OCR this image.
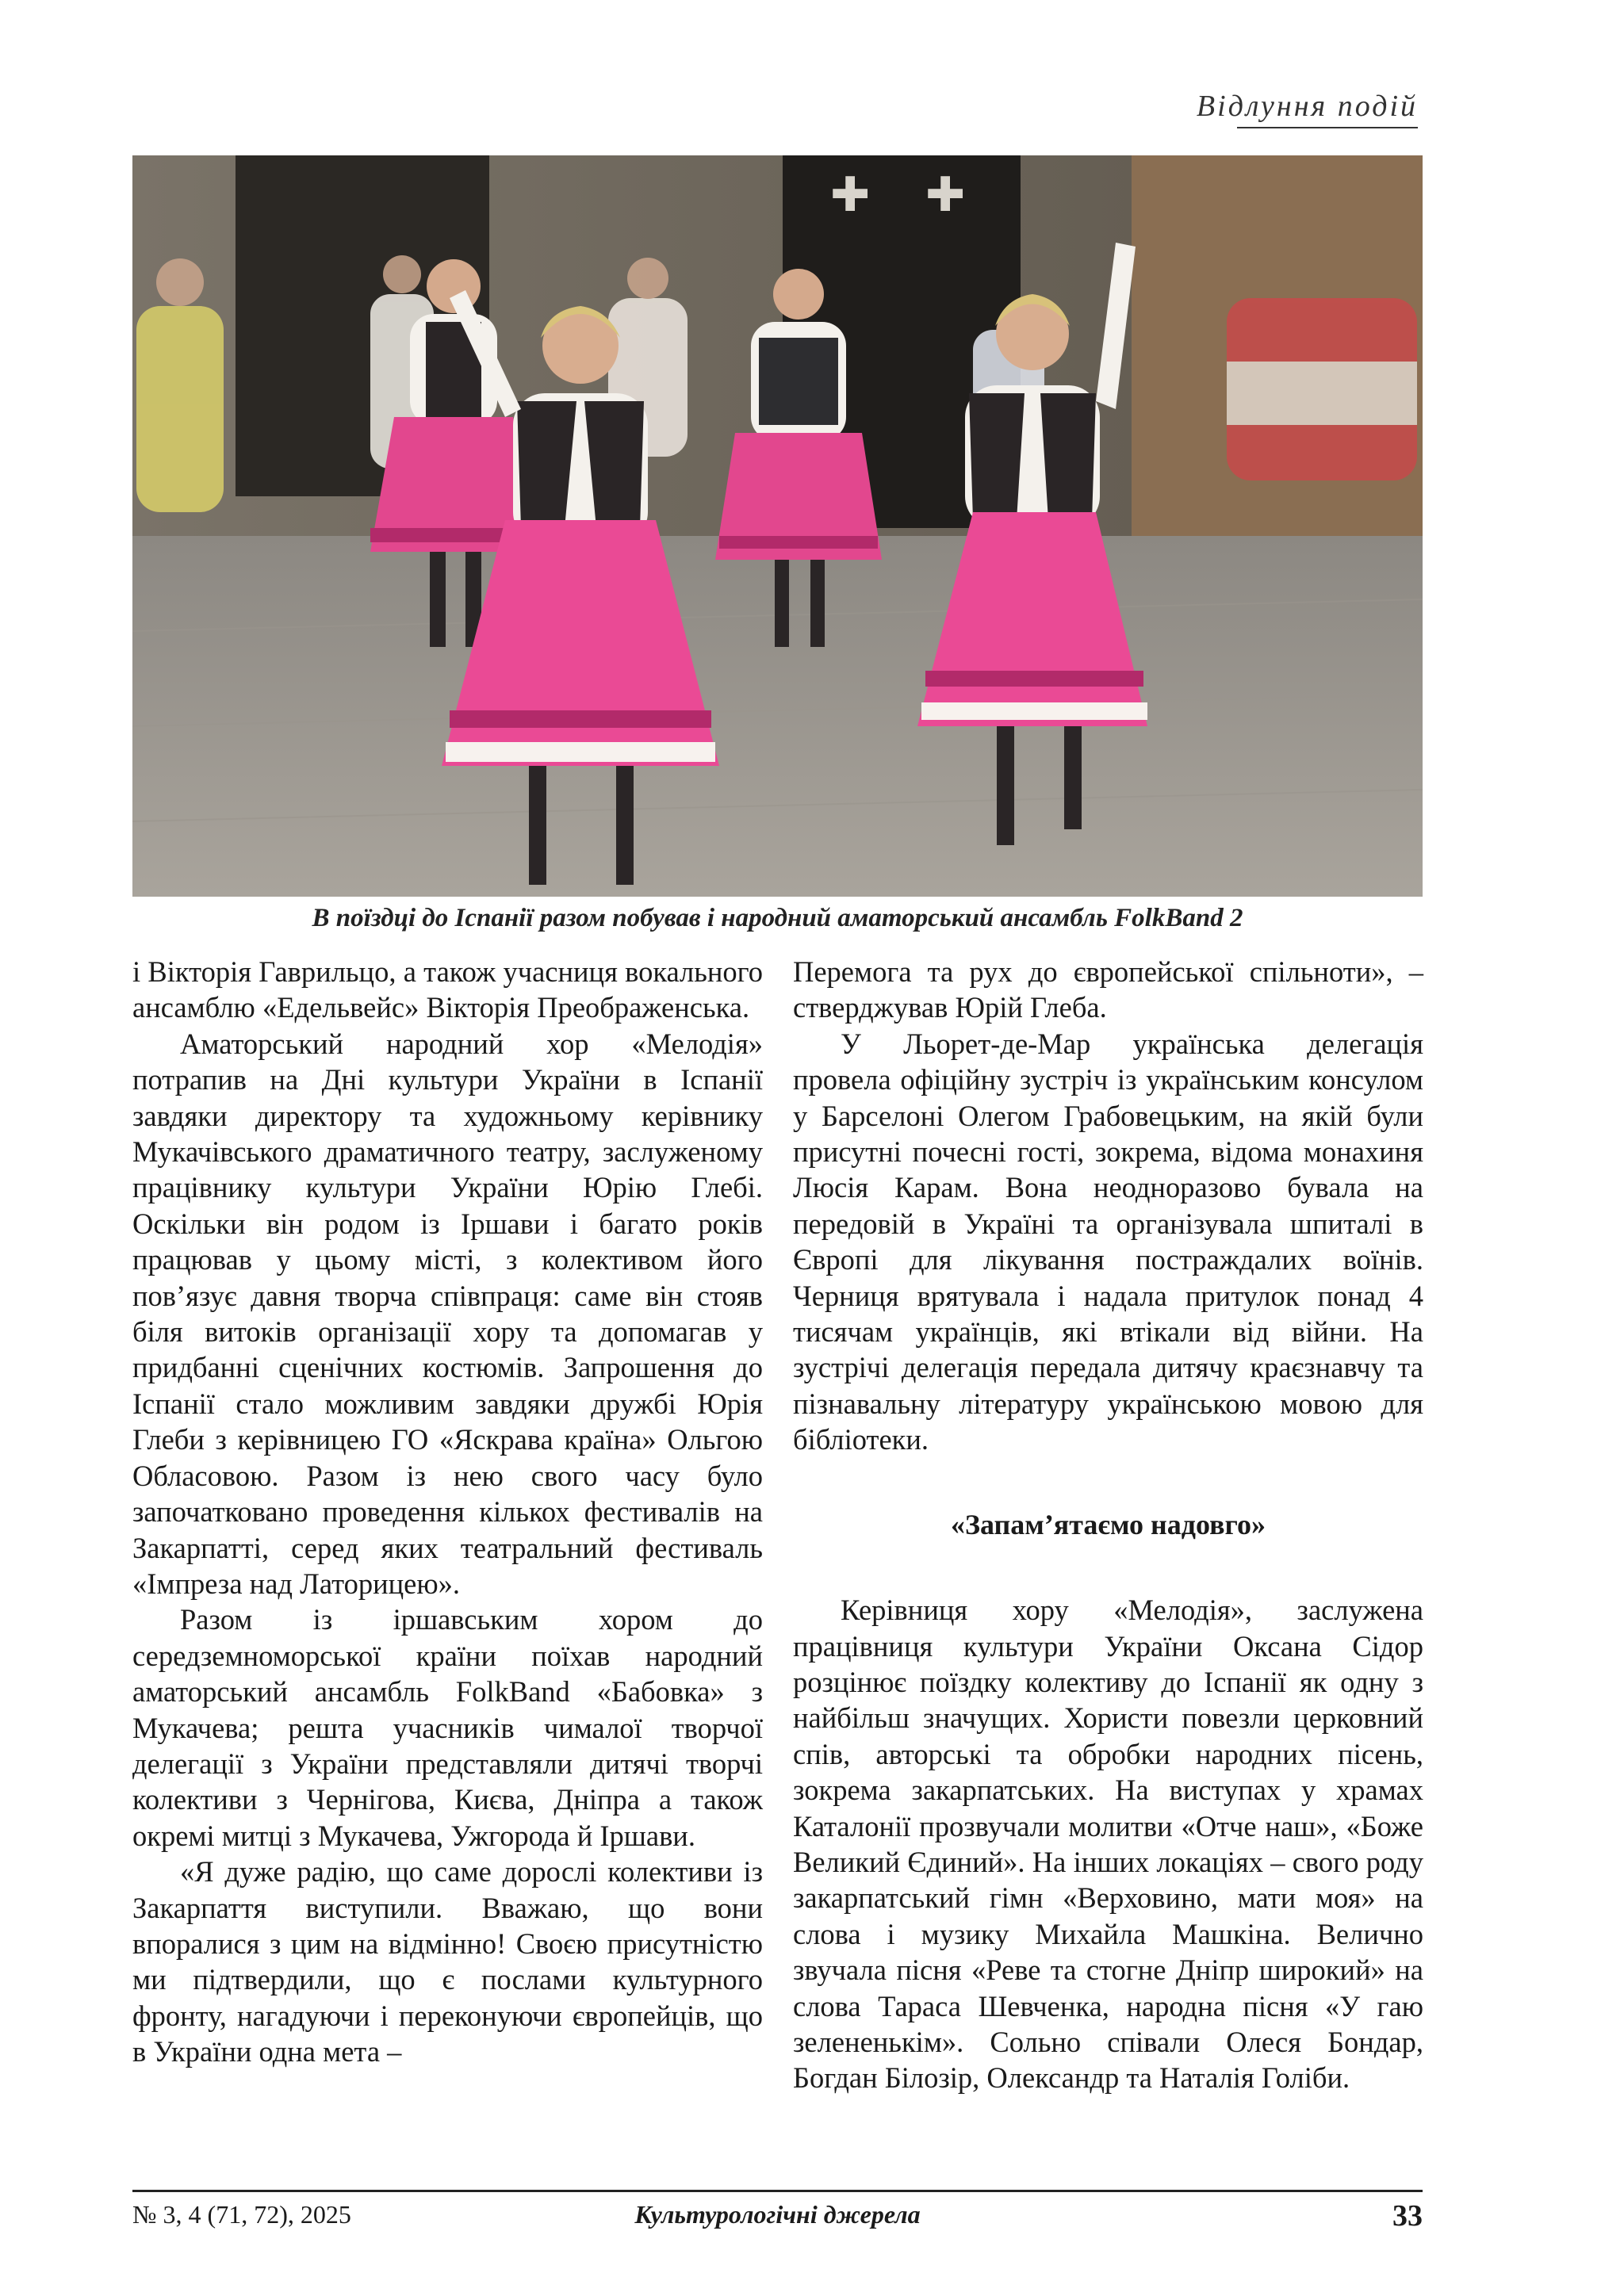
Відлуння подій
✚ ✚
В поїздці до Іспанії разом побував і народний аматорський ансамбль FolkBand 2

і Вікторія Гаврильцо, а також учасниця вокального ансамблю «Едельвейс» Вікторія Преображенська.

Аматорський народний хор «Мелодія» потрапив на Дні культури України в Іспанії завдяки директору та художньому керівнику Мукачівського драматичного театру, заслуженому працівнику культури України Юрію Глебі. Оскільки він родом із Іршави і багато років працював у цьому місті, з колективом його пов’язує давня творча співпраця: саме він стояв біля витоків організації хору та допомагав у придбанні сценічних костюмів. Запрошення до Іспанії стало можливим завдяки дружбі Юрія Глеби з керівницею ГО «Яскрава країна» Ольгою Обласовою. Разом із нею свого часу було започатковано проведення кількох фестивалів на Закарпатті, серед яких театральний фестиваль «Імпреза над Латорицею».

Разом із іршавським хором до середземноморської країни поїхав народний аматорський ансамбль FolkBand «Бабовка» з Мукачева; решта учасників чималої творчої делегації з України представляли дитячі творчі колективи з Чернігова, Києва, Дніпра а також окремі митці з Мукачева, Ужгорода й Іршави.

«Я дуже радію, що саме дорослі колективи із Закарпаття виступили. Вважаю, що вони впоралися з цим на відмінно! Своєю присутністю ми підтвердили, що є послами культурного фронту, нагадуючи і переконуючи європейців, що в України одна мета –

Перемога та рух до європейської спільноти», – стверджував Юрій Глеба.

У Льорет-де-Мар українська делегація провела офіційну зустріч із українським консулом у Барселоні Олегом Грабовецьким, на якій були присутні почесні гості, зокрема, відома монахиня Люсія Карам. Вона неодноразово бувала на передовій в Україні та організувала шпиталі в Європі для лікування постраждалих воїнів. Черниця врятувала і надала притулок понад 4 тисячам українців, які втікали від війни. На зустрічі делегація передала дитячу краєзнавчу та пізнавальну літературу українською мовою для бібліотеки.

«Запам’ятаємо надовго»

Керівниця хору «Мелодія», заслужена працівниця культури України Оксана Сідор розцінює поїздку колективу до Іспанії як одну з найбільш значущих. Хористи повезли церковний спів, авторські та обробки народних пісень, зокрема закарпатських. На виступах у храмах Каталонії прозвучали молитви «Отче наш», «Боже Великий Єдиний». На інших локаціях – свого роду закарпатський гімн «Верховино, мати моя» на слова і музику Михайла Машкіна. Велично звучала пісня «Реве та стогне Дніпр широкий» на слова Тараса Шевченка, народна пісня «У гаю зелененькім». Сольно співали Олеся Бондар, Богдан Білозір, Олександр та Наталія Голіби.

№ 3, 4 (71, 72), 2025	Культурологічні джерела	33
